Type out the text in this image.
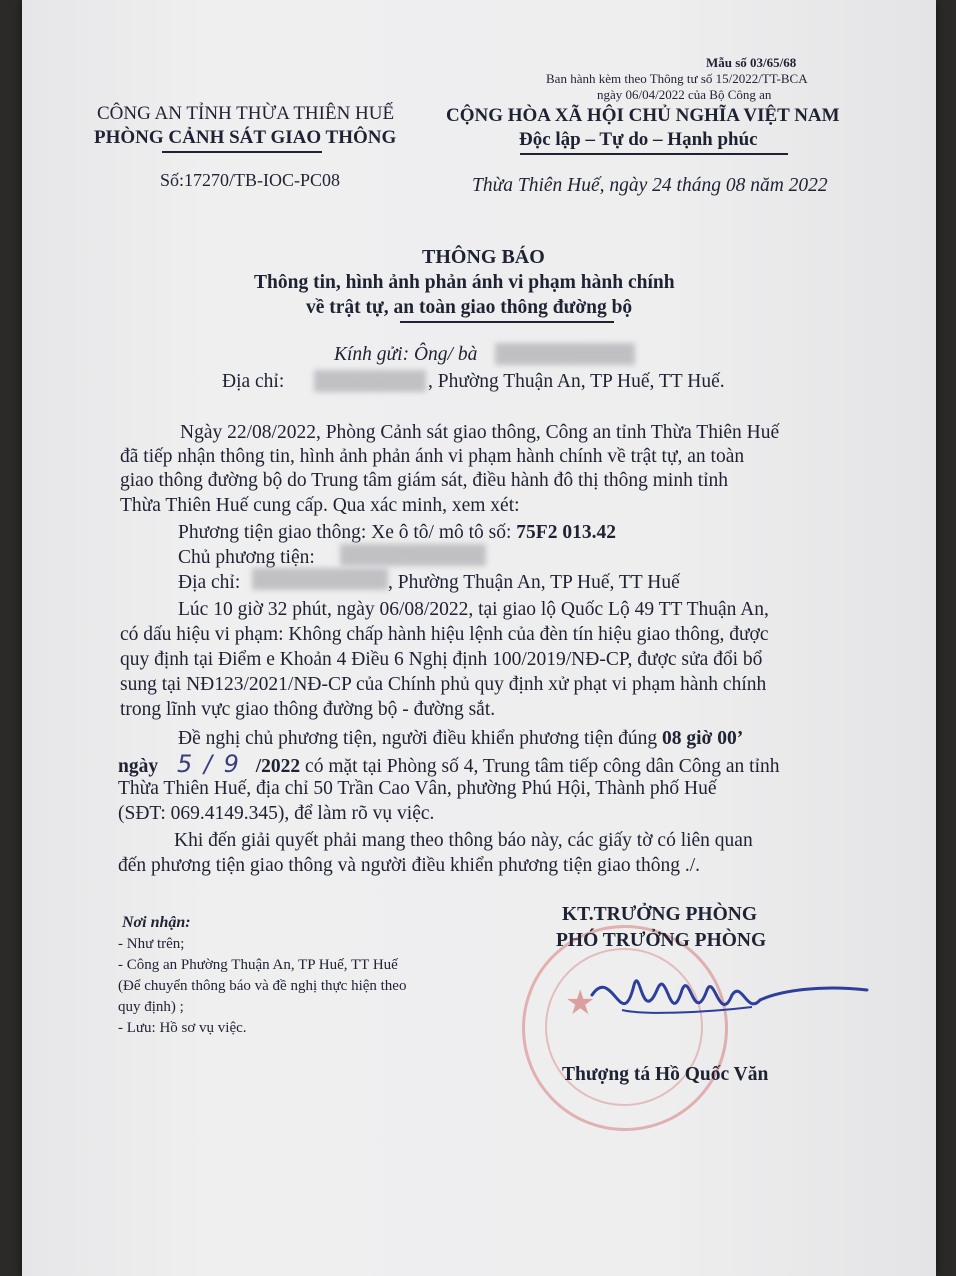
Mẫu số 03/65/68
Ban hành kèm theo Thông tư số 15/2022/TT-BCA
ngày 06/04/2022 của Bộ Công an
CÔNG AN TỈNH THỪA THIÊN HUẾ
PHÒNG CẢNH SÁT GIAO THÔNG
CỘNG HÒA XÃ HỘI CHỦ NGHĨA VIỆT NAM
Độc lập – Tự do – Hạnh phúc
Số:17270/TB-IOC-PC08	Thừa Thiên Huế, ngày 24 tháng 08 năm 2022
THÔNG BÁO
Thông tin, hình ảnh phản ánh vi phạm hành chính
về trật tự, an toàn giao thông đường bộ
Kính gửi: Ông/ bà
Địa chỉ:	, Phường Thuận An, TP Huế, TT Huế.
Ngày 22/08/2022, Phòng Cảnh sát giao thông, Công an tỉnh Thừa Thiên Huế
đã tiếp nhận thông tin, hình ảnh phản ánh vi phạm hành chính về trật tự, an toàn
giao thông đường bộ do Trung tâm giám sát, điều hành đô thị thông minh tỉnh
Thừa Thiên Huế cung cấp. Qua xác minh, xem xét:
Phương tiện giao thông: Xe ô tô/ mô tô số: 75F2 013.42
Chủ phương tiện:
Địa chỉ:	, Phường Thuận An, TP Huế, TT Huế
Lúc 10 giờ 32 phút, ngày 06/08/2022, tại giao lộ Quốc Lộ 49 TT Thuận An,
có dấu hiệu vi phạm: Không chấp hành hiệu lệnh của đèn tín hiệu giao thông, được
quy định tại Điểm e Khoản 4 Điều 6 Nghị định 100/2019/NĐ-CP, được sửa đổi bổ
sung tại NĐ123/2021/NĐ-CP của Chính phủ quy định xử phạt vi phạm hành chính
trong lĩnh vực giao thông đường bộ - đường sắt.
Đề nghị chủ phương tiện, người điều khiển phương tiện đúng 08 giờ 00’
ngày 5 / 9 /2022 có mặt tại Phòng số 4, Trung tâm tiếp công dân Công an tỉnh
Thừa Thiên Huế, địa chỉ 50 Trần Cao Vân, phường Phú Hội, Thành phố Huế
(SĐT: 069.4149.345), để làm rõ vụ việc.
Khi đến giải quyết phải mang theo thông báo này, các giấy tờ có liên quan
đến phương tiện giao thông và người điều khiển phương tiện giao thông ./.
Nơi nhận:
- Như trên;
- Công an Phường Thuận An, TP Huế, TT Huế
(Để chuyển thông báo và đề nghị thực hiện theo
quy định) ;
- Lưu: Hồ sơ vụ việc.
★
KT.TRƯỞNG PHÒNG
PHÓ TRƯỞNG PHÒNG
Thượng tá Hồ Quốc Văn
